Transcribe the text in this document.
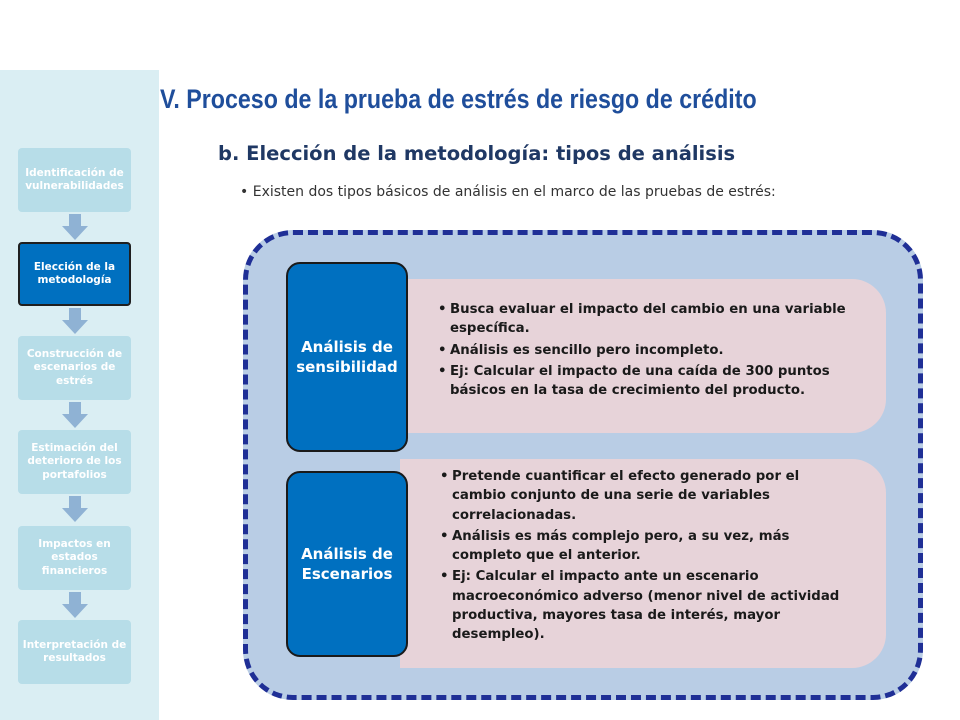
Identificación de vulnerabilidades
Elección de la metodología
Construcción de escenarios de estrés
Estimación del deterioro de los portafolios
Impactos en estados financieros
Interpretación de resultados
V. Proceso de la prueba de estrés de riesgo de crédito
b. Elección de la metodología: tipos de análisis
• Existen dos tipos básicos de análisis en el marco de las pruebas de estrés:
• Busca evaluar el impacto del cambio en una variable específica.
• Análisis es sencillo pero incompleto.
• Ej: Calcular el impacto de una caída de 300 puntos básicos en la tasa de crecimiento del producto.
Análisis de sensibilidad
• Pretende cuantificar el efecto generado por el cambio conjunto de una serie de variables correlacionadas.
• Análisis es más complejo pero, a su vez, más completo que el anterior.
• Ej: Calcular el impacto ante un escenario macroeconómico adverso (menor nivel de actividad productiva, mayores tasa de interés, mayor desempleo).
Análisis de Escenarios
